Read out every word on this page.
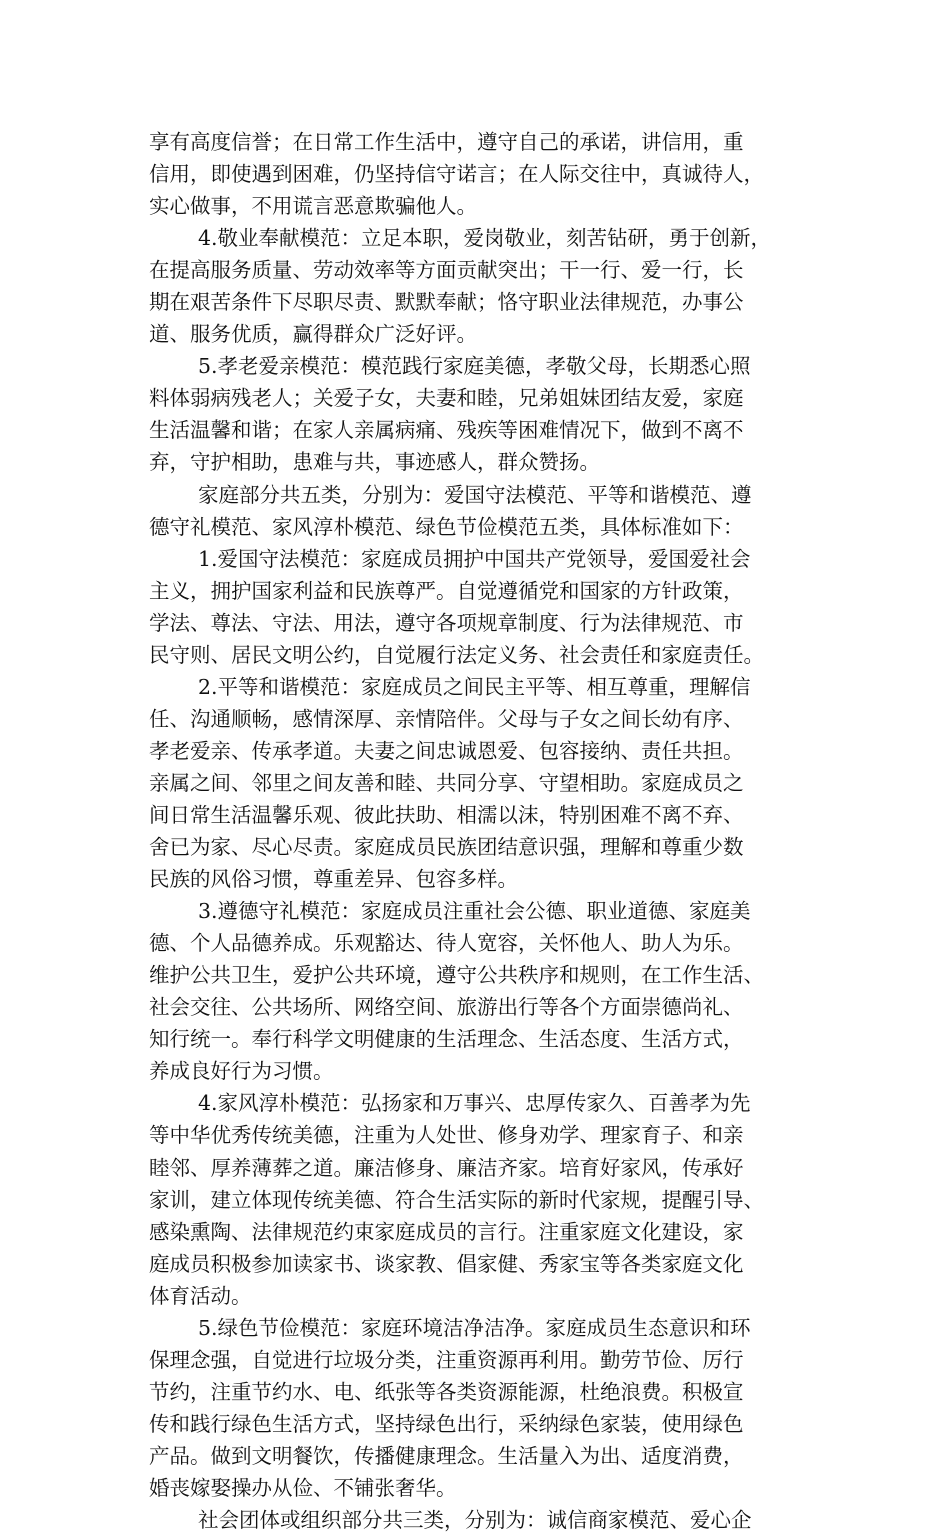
享有高度信誉；在日常工作生活中，遵守自己的承诺，讲信用，重
信用，即使遇到困难，仍坚持信守诺言；在人际交往中，真诚待人，
实心做事，不用谎言恶意欺骗他人。
4.敬业奉献模范：立足本职，爱岗敬业，刻苦钻研，勇于创新，
在提高服务质量、劳动效率等方面贡献突出；干一行、爱一行，长
期在艰苦条件下尽职尽责、默默奉献；恪守职业法律规范，办事公
道、服务优质，赢得群众广泛好评。
5.孝老爱亲模范：模范践行家庭美德，孝敬父母，长期悉心照
料体弱病残老人；关爱子女，夫妻和睦，兄弟姐妹团结友爱，家庭
生活温馨和谐；在家人亲属病痛、残疾等困难情况下，做到不离不
弃，守护相助，患难与共，事迹感人，群众赞扬。
家庭部分共五类，分别为：爱国守法模范、平等和谐模范、遵
德守礼模范、家风淳朴模范、绿色节俭模范五类，具体标准如下：
1.爱国守法模范：家庭成员拥护中国共产党领导，爱国爱社会
主义，拥护国家利益和民族尊严。自觉遵循党和国家的方针政策，
学法、尊法、守法、用法，遵守各项规章制度、行为法律规范、市
民守则、居民文明公约，自觉履行法定义务、社会责任和家庭责任。
2.平等和谐模范：家庭成员之间民主平等、相互尊重，理解信
任、沟通顺畅，感情深厚、亲情陪伴。父母与子女之间长幼有序、
孝老爱亲、传承孝道。夫妻之间忠诚恩爱、包容接纳、责任共担。
亲属之间、邻里之间友善和睦、共同分享、守望相助。家庭成员之
间日常生活温馨乐观、彼此扶助、相濡以沫，特别困难不离不弃、
舍已为家、尽心尽责。家庭成员民族团结意识强，理解和尊重少数
民族的风俗习惯，尊重差异、包容多样。
3.遵德守礼模范：家庭成员注重社会公德、职业道德、家庭美
德、个人品德养成。乐观豁达、待人宽容，关怀他人、助人为乐。
维护公共卫生，爱护公共环境，遵守公共秩序和规则，在工作生活、
社会交往、公共场所、网络空间、旅游出行等各个方面崇德尚礼、
知行统一。奉行科学文明健康的生活理念、生活态度、生活方式，
养成良好行为习惯。
4.家风淳朴模范：弘扬家和万事兴、忠厚传家久、百善孝为先
等中华优秀传统美德，注重为人处世、修身劝学、理家育子、和亲
睦邻、厚养薄葬之道。廉洁修身、廉洁齐家。培育好家风，传承好
家训，建立体现传统美德、符合生活实际的新时代家规，提醒引导、
感染熏陶、法律规范约束家庭成员的言行。注重家庭文化建设，家
庭成员积极参加读家书、谈家教、倡家健、秀家宝等各类家庭文化
体育活动。
5.绿色节俭模范：家庭环境洁净洁净。家庭成员生态意识和环
保理念强，自觉进行垃圾分类，注重资源再利用。勤劳节俭、厉行
节约，注重节约水、电、纸张等各类资源能源，杜绝浪费。积极宣
传和践行绿色生活方式，坚持绿色出行，采纳绿色家装，使用绿色
产品。做到文明餐饮，传播健康理念。生活量入为出、适度消费，
婚丧嫁娶操办从俭、不铺张奢华。
社会团体或组织部分共三类，分别为：诚信商家模范、爱心企
